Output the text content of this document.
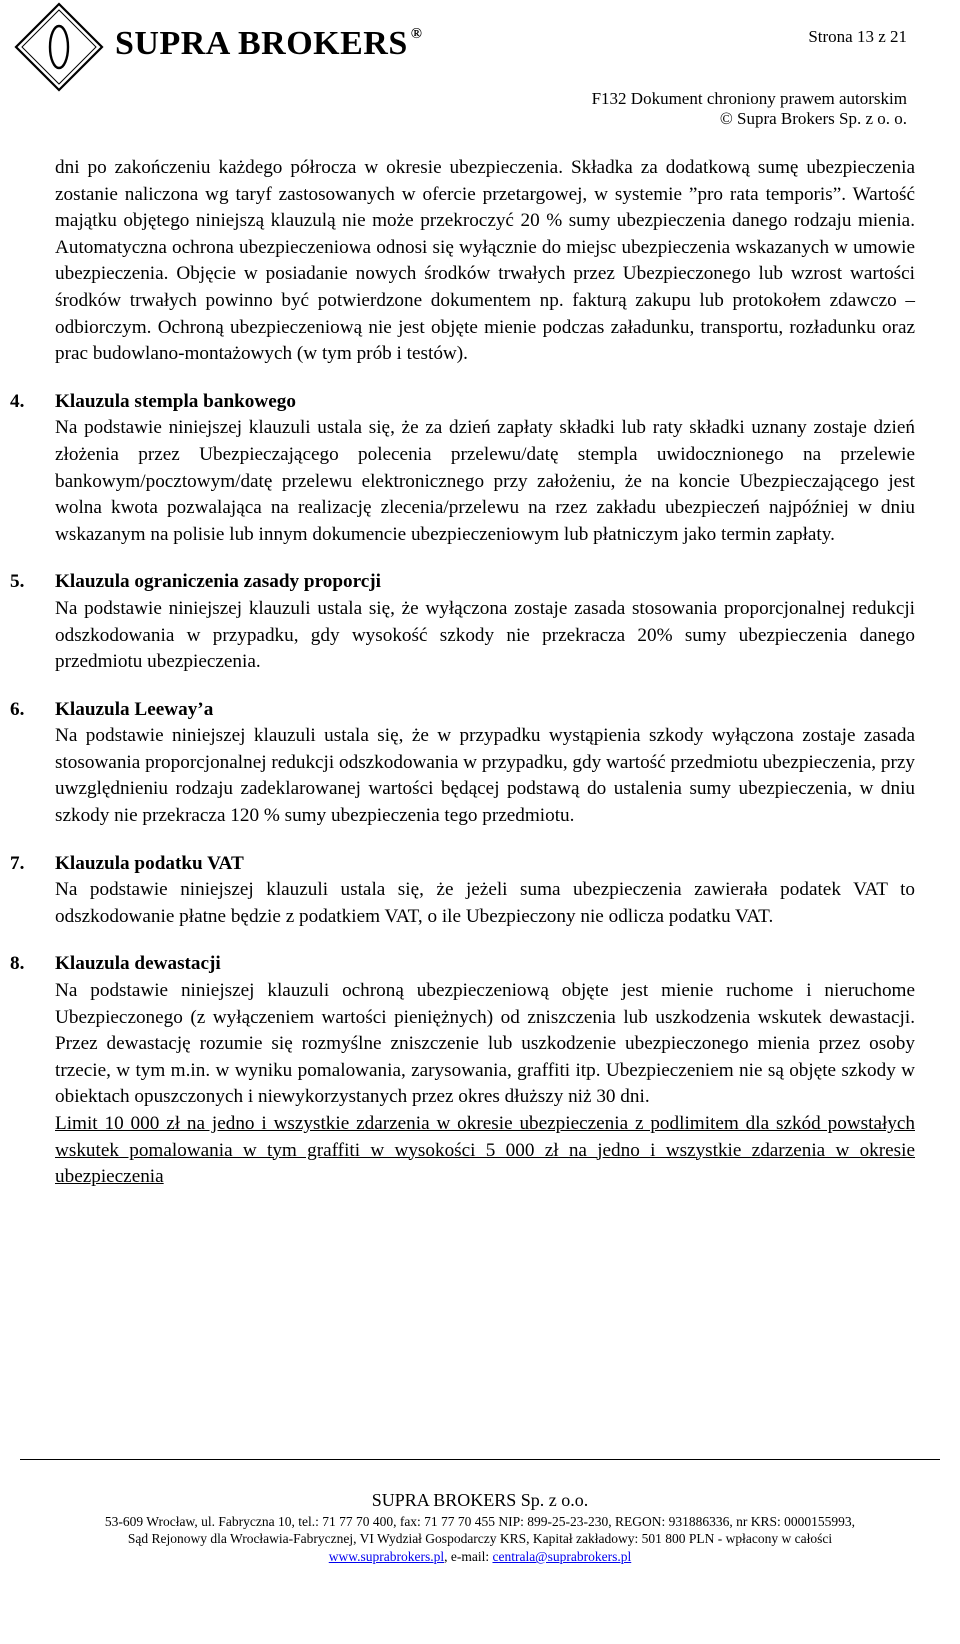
SUPRA BROKERS ®	Strona 13 z 21
F132 Dokument chroniony prawem autorskim
© Supra Brokers Sp. z o. o.

dni po zakończeniu każdego półrocza w okresie ubezpieczenia. Składka za dodatkową sumę ubezpieczenia zostanie naliczona wg taryf zastosowanych w ofercie przetargowej, w systemie ”pro rata temporis”. Wartość majątku objętego niniejszą klauzulą nie może przekroczyć 20 % sumy ubezpieczenia danego rodzaju mienia. Automatyczna ochrona ubezpieczeniowa odnosi się wyłącznie do miejsc ubezpieczenia wskazanych w umowie ubezpieczenia. Objęcie w posiadanie nowych środków trwałych przez Ubezpieczonego lub wzrost wartości środków trwałych powinno być potwierdzone dokumentem np. fakturą zakupu lub protokołem zdawczo – odbiorczym. Ochroną ubezpieczeniową nie jest objęte mienie podczas załadunku, transportu, rozładunku oraz prac budowlano-montażowych (w tym prób i testów).

4. Klauzula stempla bankowego

Na podstawie niniejszej klauzuli ustala się, że za dzień zapłaty składki lub raty składki uznany zostaje dzień złożenia przez Ubezpieczającego polecenia przelewu/datę stempla uwidocznionego na przelewie bankowym/pocztowym/datę przelewu elektronicznego przy założeniu, że na koncie Ubezpieczającego jest wolna kwota pozwalająca na realizację zlecenia/przelewu na rzez zakładu ubezpieczeń najpóźniej w dniu wskazanym na polisie lub innym dokumencie ubezpieczeniowym lub płatniczym jako termin zapłaty.

5. Klauzula ograniczenia zasady proporcji

Na podstawie niniejszej klauzuli ustala się, że wyłączona zostaje zasada stosowania proporcjonalnej redukcji odszkodowania w przypadku, gdy wysokość szkody nie przekracza 20% sumy ubezpieczenia danego przedmiotu ubezpieczenia.

6. Klauzula Leeway’a

Na podstawie niniejszej klauzuli ustala się, że w przypadku wystąpienia szkody wyłączona zostaje zasada stosowania proporcjonalnej redukcji odszkodowania w przypadku, gdy wartość przedmiotu ubezpieczenia, przy uwzględnieniu rodzaju zadeklarowanej wartości będącej podstawą do ustalenia sumy ubezpieczenia, w dniu szkody nie przekracza 120 % sumy ubezpieczenia tego przedmiotu.

7. Klauzula podatku VAT

Na podstawie niniejszej klauzuli ustala się, że jeżeli suma ubezpieczenia zawierała podatek VAT to odszkodowanie płatne będzie z podatkiem VAT, o ile Ubezpieczony nie odlicza podatku VAT.

8. Klauzula dewastacji

Na podstawie niniejszej klauzuli ochroną ubezpieczeniową objęte jest mienie ruchome i nieruchome Ubezpieczonego (z wyłączeniem wartości pieniężnych) od zniszczenia lub uszkodzenia wskutek dewastacji. Przez dewastację rozumie się rozmyślne zniszczenie lub uszkodzenie ubezpieczonego mienia przez osoby trzecie, w tym m.in. w wyniku pomalowania, zarysowania, graffiti itp. Ubezpieczeniem nie są objęte szkody w obiektach opuszczonych i niewykorzystanych przez okres dłuższy niż 30 dni.

Limit 10 000 zł na jedno i wszystkie zdarzenia w okresie ubezpieczenia z podlimitem dla szkód powstałych wskutek pomalowania w tym graffiti w wysokości 5 000 zł na jedno i wszystkie zdarzenia w okresie ubezpieczenia

SUPRA BROKERS Sp. z o.o.
53-609 Wrocław, ul. Fabryczna 10, tel.: 71 77 70 400, fax: 71 77 70 455 NIP: 899-25-23-230, REGON: 931886336, nr KRS: 0000155993,
Sąd Rejonowy dla Wrocławia-Fabrycznej, VI Wydział Gospodarczy KRS, Kapitał zakładowy: 501 800 PLN - wpłacony w całości
www.suprabrokers.pl, e-mail: centrala@suprabrokers.pl
